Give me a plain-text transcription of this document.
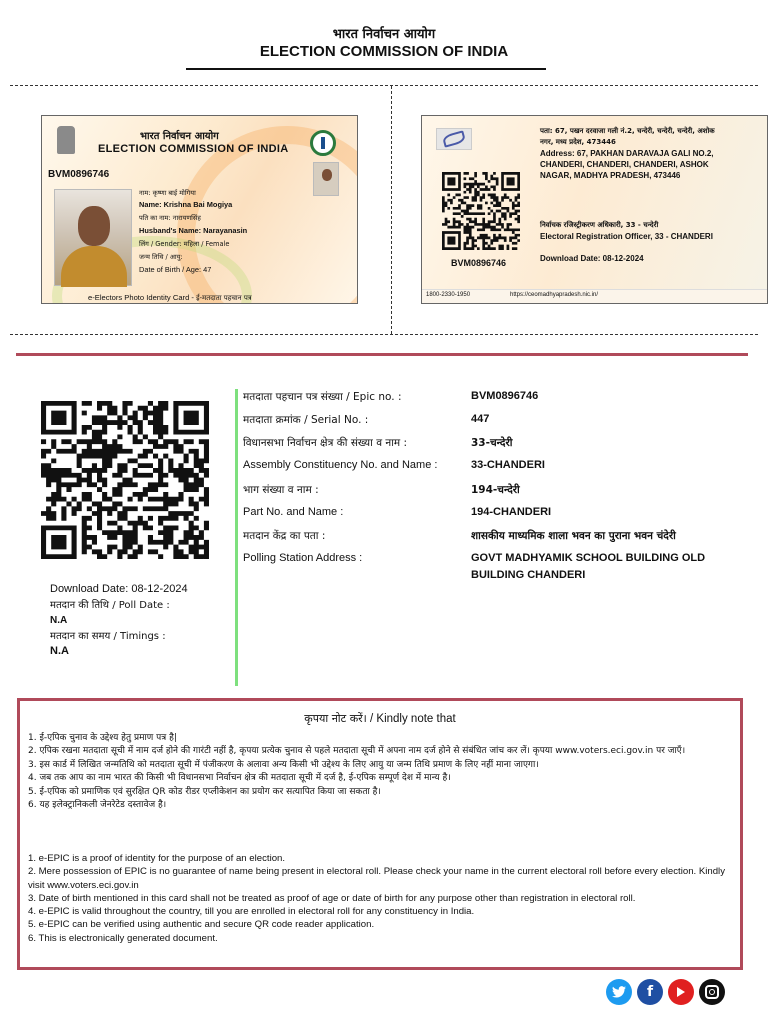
भारत निर्वाचन आयोग
ELECTION COMMISSION OF INDIA
भारत निर्वाचन आयोग
ELECTION COMMISSION OF INDIA
BVM0896746
नाम: कृष्णा बाई मोगिया
Name: Krishna Bai Mogiya
पति का नाम: नारायणसिंह
Husband's Name: Narayanasin
लिंग / Gender: महिला / Female
जन्म तिथि / आयु:
Date of Birth / Age: 47
e-Electors Photo Identity Card - ई-मतदाता पहचान पत्र
BVM0896746
पता: 67, पखन दरवाजा गली नं.2, चन्देरी, चन्देरी, चन्देरी, अशोक नगर, मध्य प्रदेश, 473446
Address: 67, PAKHAN DARAVAJA GALI NO.2, CHANDERI, CHANDERI, CHANDERI, ASHOK NAGAR, MADHYA PRADESH, 473446
निर्वाचक रजिस्ट्रीकरण अधिकारी, 33 - चन्देरी
Electoral Registration Officer, 33 - CHANDERI
Download Date: 08-12-2024
1800-2330-1950	https://ceomadhyapradesh.nic.in/
Download Date: 08-12-2024
मतदान की तिथि / Poll Date :
N.A
मतदान का समय / Timings :
N.A
मतदाता पहचान पत्र संख्या / Epic no. :	BVM0896746
मतदाता क्रमांक / Serial No. :	447
विधानसभा निर्वाचन क्षेत्र की संख्या व नाम :	33-चन्देरी
Assembly Constituency No. and Name :	33-CHANDERI
भाग संख्या व नाम :	194-चन्देरी
Part No. and Name :	194-CHANDERI
मतदान केंद्र का पता :	शासकीय माध्यमिक शाला भवन का पुराना भवन चंदेरी
Polling Station Address :	GOVT MADHYAMIK SCHOOL BUILDING OLD BUILDING CHANDERI
कृपया नोट करें। / Kindly note that
1. ई-एपिक चुनाव के उद्देश्य हेतु प्रमाण पत्र है|
2. एपिक रखना मतदाता सूची में नाम दर्ज होने की गारंटी नहीं है, कृपया प्रत्येक चुनाव से पहले मतदाता सूची में अपना नाम दर्ज होने से संबंधित जांच कर लें। कृपया www.voters.eci.gov.in पर जाएँ।
3. इस कार्ड में लिखित जन्मतिथि को मतदाता सूची में पंजीकरण के अलावा अन्य किसी भी उद्देश्य के लिए आयु या जन्म तिथि प्रमाण के लिए नहीं माना जाएगा।
4. जब तक आप का नाम भारत की किसी भी विधानसभा निर्वाचन क्षेत्र की मतदाता सूची में दर्ज है, ई-एपिक सम्पूर्ण देश में मान्य है।
5. ई-एपिक को प्रमाणिक एवं सुरक्षित QR कोड रीडर एप्लीकेशन का प्रयोग कर सत्यापित किया जा सकता है।
6. यह इलेक्ट्रानिकली जेनरेटेड दस्तावेज है।
1. e-EPIC is a proof of identity for the purpose of an election.
2. Mere possession of EPIC is no guarantee of name being present in electoral roll. Please check your name in the current electoral roll before every election. Kindly visit www.voters.eci.gov.in
3. Date of birth mentioned in this card shall not be treated as proof of age or date of birth for any purpose other than registration in electoral roll.
4. e-EPIC is valid throughout the country, till you are enrolled in electoral roll for any constituency in India.
5. e-EPIC can be verified using authentic and secure QR code reader application.
6. This is electronically generated document.
f
